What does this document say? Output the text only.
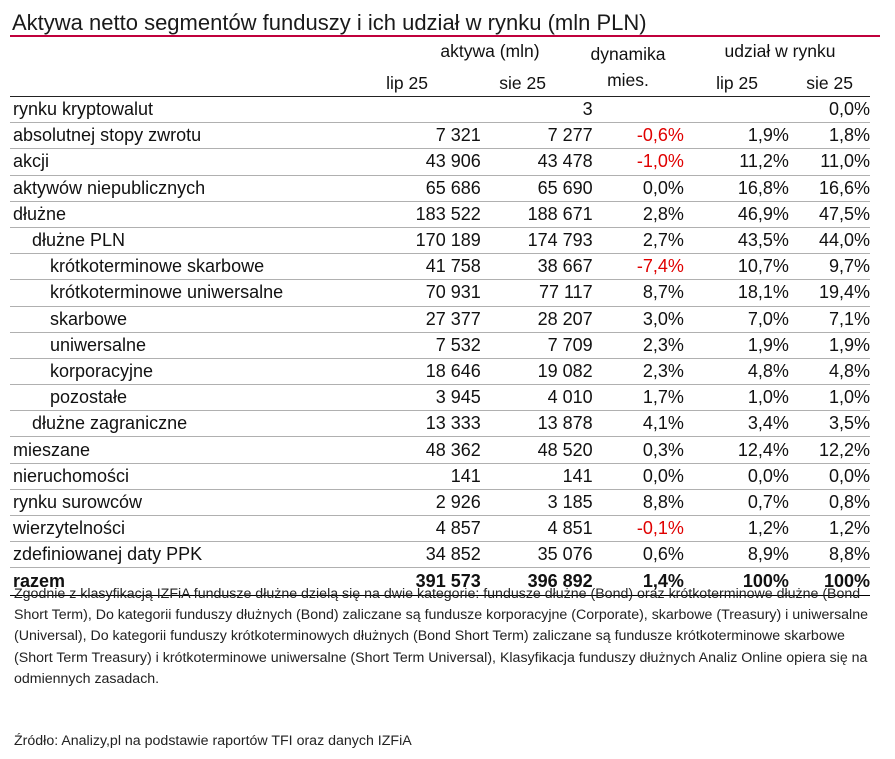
Aktywa netto segmentów funduszy i ich udział w rynku (mln PLN)
aktywa (mln)	dynamika
mies.
udział w rynku
lip 25	sie 25	lip 25	sie 25
rynku kryptowalut		3			0,0%
absolutnej stopy zwrotu	7 321	7 277	-0,6%	1,9%	1,8%
akcji	43 906	43 478	-1,0%	11,2%	11,0%
aktywów niepublicznych	65 686	65 690	0,0%	16,8%	16,6%
dłużne	183 522	188 671	2,8%	46,9%	47,5%
dłużne PLN	170 189	174 793	2,7%	43,5%	44,0%
krótkoterminowe skarbowe	41 758	38 667	-7,4%	10,7%	9,7%
krótkoterminowe uniwersalne	70 931	77 117	8,7%	18,1%	19,4%
skarbowe	27 377	28 207	3,0%	7,0%	7,1%
uniwersalne	7 532	7 709	2,3%	1,9%	1,9%
korporacyjne	18 646	19 082	2,3%	4,8%	4,8%
pozostałe	3 945	4 010	1,7%	1,0%	1,0%
dłużne zagraniczne	13 333	13 878	4,1%	3,4%	3,5%
mieszane	48 362	48 520	0,3%	12,4%	12,2%
nieruchomości	141	141	0,0%	0,0%	0,0%
rynku surowców	2 926	3 185	8,8%	0,7%	0,8%
wierzytelności	4 857	4 851	-0,1%	1,2%	1,2%
zdefiniowanej daty PPK	34 852	35 076	0,6%	8,9%	8,8%
razem	391 573	396 892	1,4%	100%	100%
Zgodnie z klasyfikacją IZFiA fundusze dłużne dzielą się na dwie kategorie: fundusze dłużne (Bond) oraz krótkoterminowe dłużne (Bond Short Term), Do kategorii funduszy dłużnych (Bond) zaliczane są fundusze korporacyjne (Corporate), skarbowe (Treasury) i uniwersalne (Universal), Do kategorii funduszy krótkoterminowych dłużnych (Bond Short Term) zaliczane są fundusze krótkoterminowe skarbowe (Short Term Treasury) i krótkoterminowe uniwersalne (Short Term Universal), Klasyfikacja funduszy dłużnych Analiz Online opiera się na odmiennych zasadach.
Źródło: Analizy,pl na podstawie raportów TFI oraz danych IZFiA
